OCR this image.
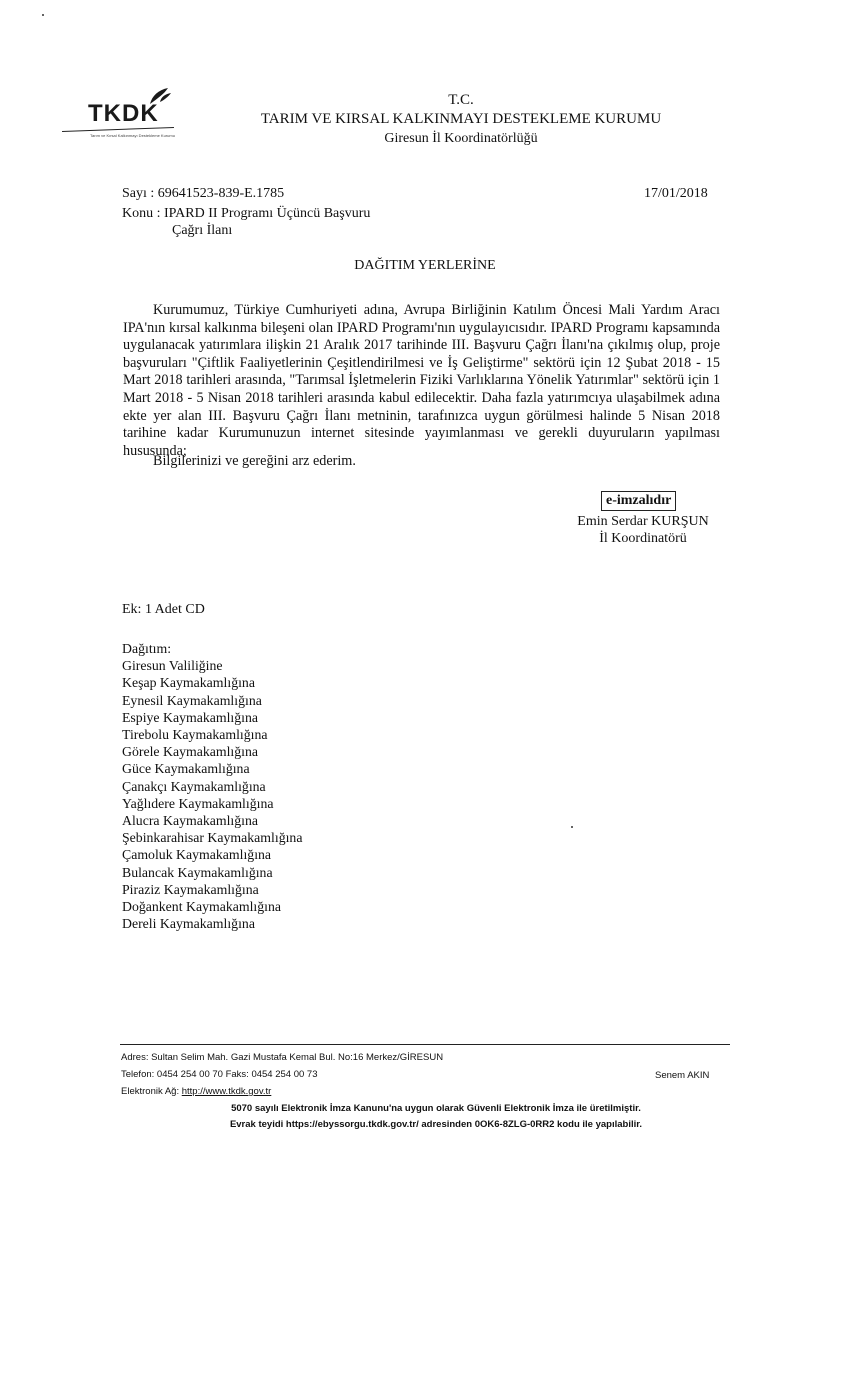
TKDK
Tarım ve Kırsal Kalkınmayı Destekleme Kurumu
T.C.
TARIM VE KIRSAL KALKINMAYI DESTEKLEME KURUMU
Giresun İl Koordinatörlüğü
Sayı : 69641523-839-E.1785	17/01/2018
Konu : IPARD II Programı Üçüncü Başvuru
Çağrı İlanı
DAĞITIM YERLERİNE
Kurumumuz, Türkiye Cumhuriyeti adına, Avrupa Birliğinin Katılım Öncesi Mali Yardım Aracı IPA'nın kırsal kalkınma bileşeni olan IPARD Programı'nın uygulayıcısıdır. IPARD Programı kapsamında uygulanacak yatırımlara ilişkin 21 Aralık 2017 tarihinde III. Başvuru Çağrı İlanı'na çıkılmış olup, proje başvuruları "Çiftlik Faaliyetlerinin Çeşitlendirilmesi ve İş Geliştirme" sektörü için 12 Şubat 2018 - 15 Mart 2018 tarihleri arasında, "Tarımsal İşletmelerin Fiziki Varlıklarına Yönelik Yatırımlar" sektörü için 1 Mart 2018 - 5 Nisan 2018 tarihleri arasında kabul edilecektir. Daha fazla yatırımcıya ulaşabilmek adına ekte yer alan III. Başvuru Çağrı İlanı metninin, tarafınızca uygun görülmesi halinde 5 Nisan 2018 tarihine kadar Kurumunuzun internet sitesinde yayımlanması ve gerekli duyuruların yapılması hususunda;
Bilgilerinizi ve gereğini arz ederim.
e-imzalıdır
Emin Serdar KURŞUN
İl Koordinatörü
Ek: 1 Adet CD
Dağıtım:
Giresun Valiliğine
Keşap Kaymakamlığına
Eynesil Kaymakamlığına
Espiye Kaymakamlığına
Tirebolu Kaymakamlığına
Görele Kaymakamlığına
Güce Kaymakamlığına
Çanakçı Kaymakamlığına
Yağlıdere Kaymakamlığına
Alucra Kaymakamlığına
Şebinkarahisar Kaymakamlığına
Çamoluk Kaymakamlığına
Bulancak Kaymakamlığına
Piraziz Kaymakamlığına
Doğankent Kaymakamlığına
Dereli Kaymakamlığına
Adres: Sultan Selim Mah. Gazi Mustafa Kemal Bul. No:16 Merkez/GİRESUN
Telefon: 0454 254 00 70 Faks: 0454 254 00 73
Elektronik Ağ: http://www.tkdk.gov.tr
Senem AKIN
5070 sayılı Elektronik İmza Kanunu'na uygun olarak Güvenli Elektronik İmza ile üretilmiştir.
Evrak teyidi https://ebyssorgu.tkdk.gov.tr/ adresinden 0OK6-8ZLG-0RR2 kodu ile yapılabilir.
